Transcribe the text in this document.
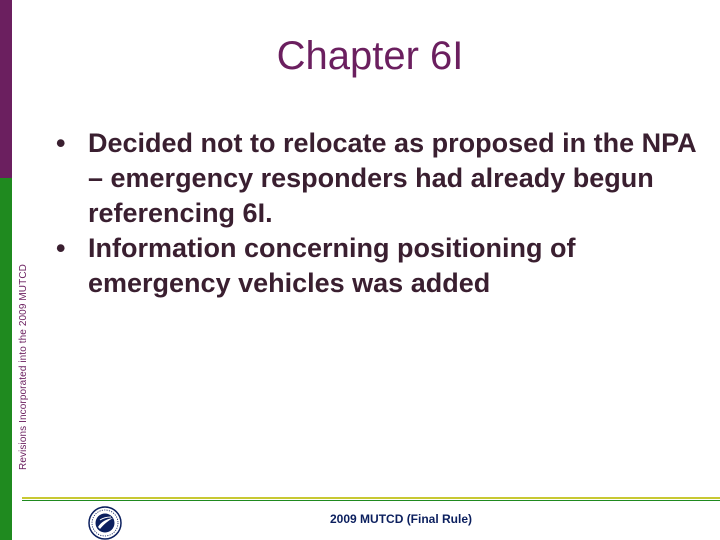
Revisions Incorporated into the 2009 MUTCD
Chapter 6I
• Decided not to relocate as proposed in the NPA – emergency responders had already begun referencing 6I.
• Information concerning positioning of emergency vehicles was added
2009 MUTCD (Final Rule)
